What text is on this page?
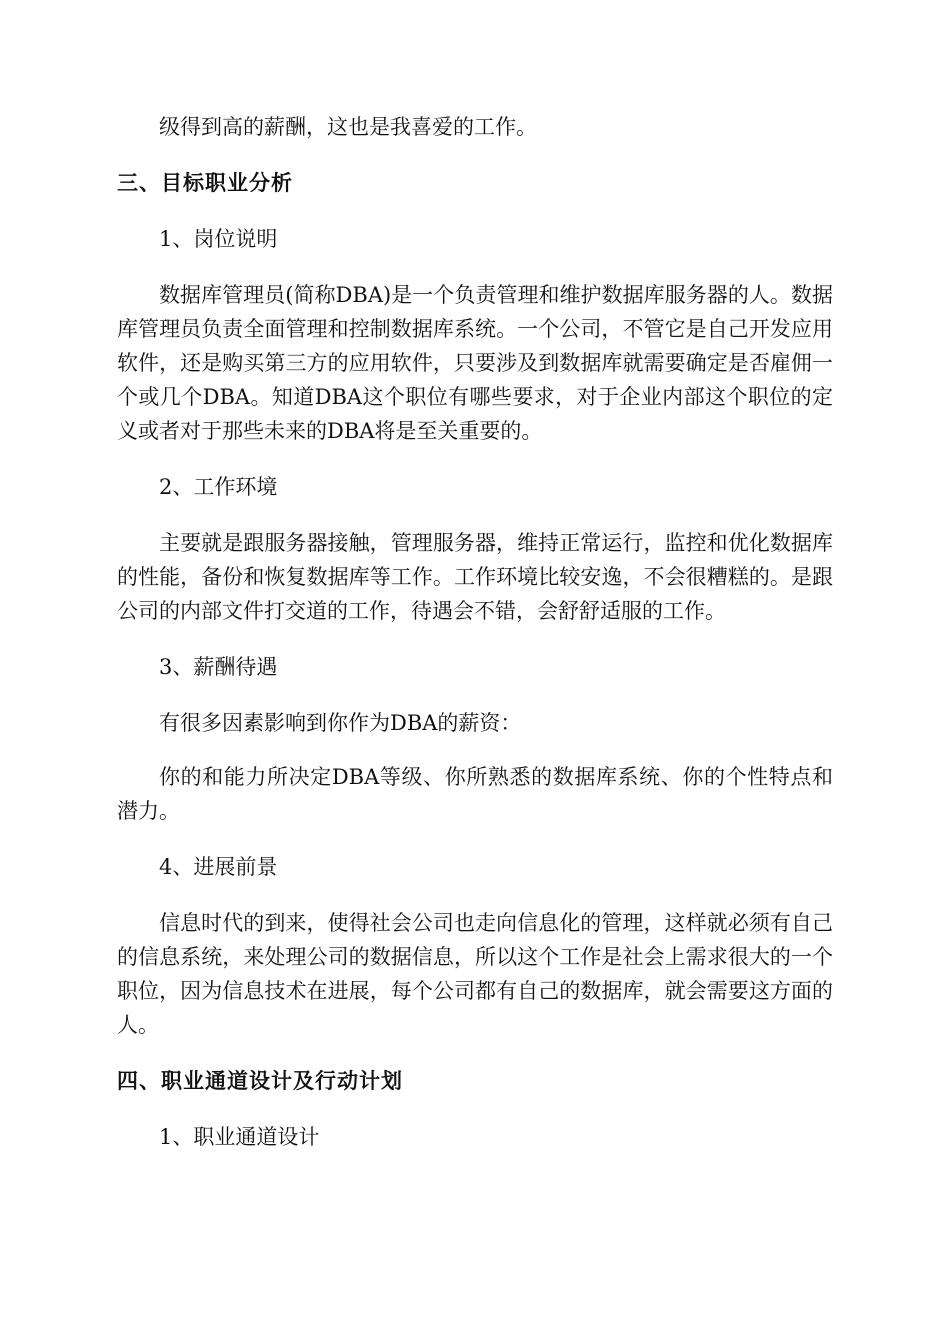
级得到高的薪酬，这也是我喜爱的工作。

三、目标职业分析

1、岗位说明

数据库管理员(简称DBA)是一个负责管理和维护数据库服务器的人。数据库管理员负责全面管理和控制数据库系统。一个公司，不管它是自己开发应用软件，还是购买第三方的应用软件，只要涉及到数据库就需要确定是否雇佣一个或几个DBA。知道DBA这个职位有哪些要求，对于企业内部这个职位的定义或者对于那些未来的DBA将是至关重要的。

2、工作环境

主要就是跟服务器接触，管理服务器，维持正常运行，监控和优化数据库的性能，备份和恢复数据库等工作。工作环境比较安逸，不会很糟糕的。是跟公司的内部文件打交道的工作，待遇会不错，会舒舒适服的工作。

3、薪酬待遇

有很多因素影响到你作为DBA的薪资：

你的和能力所决定DBA等级、你所熟悉的数据库系统、你的个性特点和潜力。

4、进展前景

信息时代的到来，使得社会公司也走向信息化的管理，这样就必须有自己的信息系统，来处理公司的数据信息，所以这个工作是社会上需求很大的一个职位，因为信息技术在进展，每个公司都有自己的数据库，就会需要这方面的人。

四、职业通道设计及行动计划

1、职业通道设计
